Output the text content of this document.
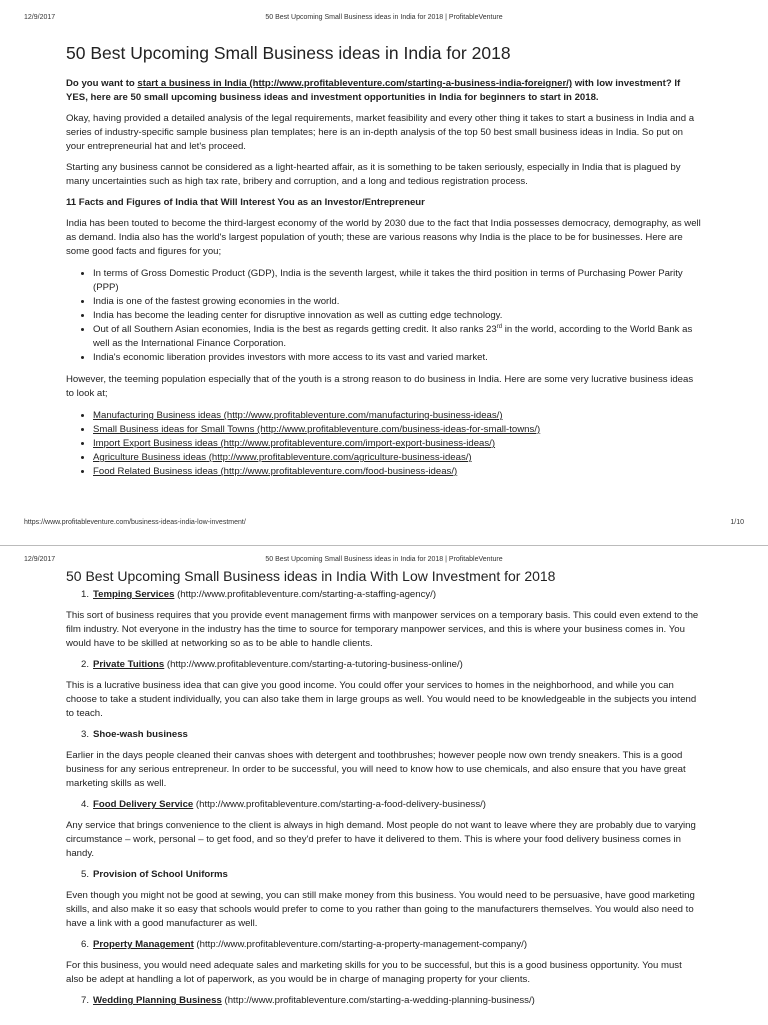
12/9/2017	50 Best Upcoming Small Business ideas in India for 2018 | ProfitableVenture
50 Best Upcoming Small Business ideas in India for 2018

Do you want to start a business in India (http://www.profitableventure.com/starting-a-business-india-foreigner/) with low investment? If YES, here are 50 small upcoming business ideas and investment opportunities in India for beginners to start in 2018.

Okay, having provided a detailed analysis of the legal requirements, market feasibility and every other thing it takes to start a business in India and a series of industry-specific sample business plan templates; here is an in-depth analysis of the top 50 best small business ideas in India. So put on your entrepreneurial hat and let's proceed.

Starting any business cannot be considered as a light-hearted affair, as it is something to be taken seriously, especially in India that is plagued by many uncertainties such as high tax rate, bribery and corruption, and a long and tedious registration process.

11 Facts and Figures of India that Will Interest You as an Investor/Entrepreneur

India has been touted to become the third-largest economy of the world by 2030 due to the fact that India possesses democracy, demography, as well as demand. India also has the world's largest population of youth; these are various reasons why India is the place to be for businesses. Here are some good facts and figures for you;

• In terms of Gross Domestic Product (GDP), India is the seventh largest, while it takes the third position in terms of Purchasing Power Parity (PPP)
• India is one of the fastest growing economies in the world.
• India has become the leading center for disruptive innovation as well as cutting edge technology.
• Out of all Southern Asian economies, India is the best as regards getting credit. It also ranks 23rd in the world, according to the World Bank as well as the International Finance Corporation.
• India's economic liberation provides investors with more access to its vast and varied market.

However, the teeming population especially that of the youth is a strong reason to do business in India. Here are some very lucrative business ideas to look at;

• Manufacturing Business ideas (http://www.profitableventure.com/manufacturing-business-ideas/)
• Small Business ideas for Small Towns (http://www.profitableventure.com/business-ideas-for-small-towns/)
• Import Export Business ideas (http://www.profitableventure.com/import-export-business-ideas/)
• Agriculture Business ideas (http://www.profitableventure.com/agriculture-business-ideas/)
• Food Related Business ideas (http://www.profitableventure.com/food-business-ideas/)
https://www.profitableventure.com/business-ideas-india-low-investment/	1/10
12/9/2017	50 Best Upcoming Small Business ideas in India for 2018 | ProfitableVenture
50 Best Upcoming Small Business ideas in India With Low Investment for 2018
1. Temping Services (http://www.profitableventure.com/starting-a-staffing-agency/)

This sort of business requires that you provide event management firms with manpower services on a temporary basis. This could even extend to the film industry. Not everyone in the industry has the time to source for temporary manpower services, and this is where your business comes in. You would have to be skilled at networking so as to be able to handle clients.

2. Private Tuitions (http://www.profitableventure.com/starting-a-tutoring-business-online/)

This is a lucrative business idea that can give you good income. You could offer your services to homes in the neighborhood, and while you can choose to take a student individually, you can also take them in large groups as well. You would need to be knowledgeable in the subjects you intend to teach.

3. Shoe-wash business

Earlier in the days people cleaned their canvas shoes with detergent and toothbrushes; however people now own trendy sneakers. This is a good business for any serious entrepreneur. In order to be successful, you will need to know how to use chemicals, and also ensure that you have great marketing skills as well.

4. Food Delivery Service (http://www.profitableventure.com/starting-a-food-delivery-business/)

Any service that brings convenience to the client is always in high demand. Most people do not want to leave where they are probably due to varying circumstance – work, personal – to get food, and so they'd prefer to have it delivered to them. This is where your food delivery business comes in handy.

5. Provision of School Uniforms

Even though you might not be good at sewing, you can still make money from this business. You would need to be persuasive, have good marketing skills, and also make it so easy that schools would prefer to come to you rather than going to the manufacturers themselves. You would also need to have a link with a good manufacturer as well.

6. Property Management (http://www.profitableventure.com/starting-a-property-management-company/)

For this business, you would need adequate sales and marketing skills for you to be successful, but this is a good business opportunity. You must also be adept at handling a lot of paperwork, as you would be in charge of managing property for your clients.

7. Wedding Planning Business (http://www.profitableventure.com/starting-a-wedding-planning-business/)
